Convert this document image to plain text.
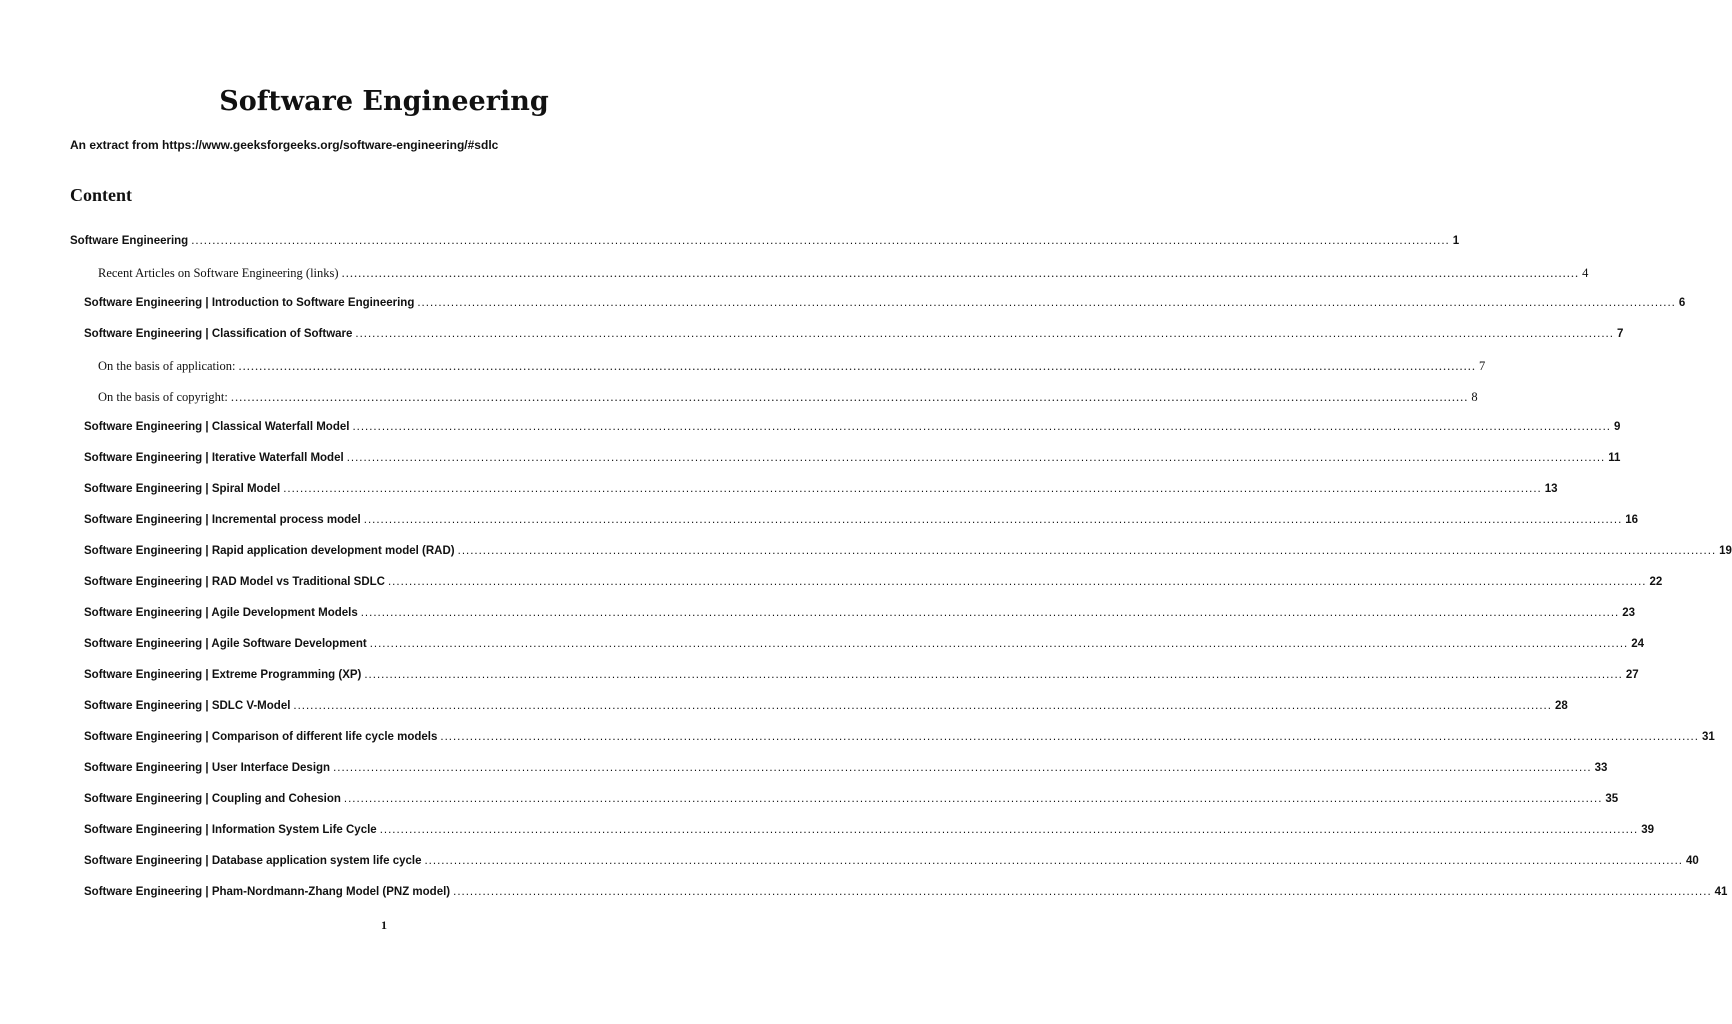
Software Engineering
An extract from https://www.geeksforgeeks.org/software-engineering/#sdlc
Content
Software Engineering ............................................................................................................................................................................................................................................................................................................ 1
Recent Articles on Software Engineering (links) ............................................................................................................................................................................................................................................................................................................ 4
Software Engineering | Introduction to Software Engineering ............................................................................................................................................................................................................................................................................................................ 6
Software Engineering | Classification of Software ............................................................................................................................................................................................................................................................................................................ 7
On the basis of application: ............................................................................................................................................................................................................................................................................................................ 7
On the basis of copyright: ............................................................................................................................................................................................................................................................................................................ 8
Software Engineering | Classical Waterfall Model ............................................................................................................................................................................................................................................................................................................ 9
Software Engineering | Iterative Waterfall Model ............................................................................................................................................................................................................................................................................................................ 11
Software Engineering | Spiral Model ............................................................................................................................................................................................................................................................................................................ 13
Software Engineering | Incremental process model ............................................................................................................................................................................................................................................................................................................ 16
Software Engineering | Rapid application development model (RAD) ............................................................................................................................................................................................................................................................................................................ 19
Software Engineering | RAD Model vs Traditional SDLC ............................................................................................................................................................................................................................................................................................................ 22
Software Engineering | Agile Development Models ............................................................................................................................................................................................................................................................................................................ 23
Software Engineering | Agile Software Development ............................................................................................................................................................................................................................................................................................................ 24
Software Engineering | Extreme Programming (XP) ............................................................................................................................................................................................................................................................................................................ 27
Software Engineering | SDLC V-Model ............................................................................................................................................................................................................................................................................................................ 28
Software Engineering | Comparison of different life cycle models ............................................................................................................................................................................................................................................................................................................ 31
Software Engineering | User Interface Design ............................................................................................................................................................................................................................................................................................................ 33
Software Engineering | Coupling and Cohesion ............................................................................................................................................................................................................................................................................................................ 35
Software Engineering | Information System Life Cycle ............................................................................................................................................................................................................................................................................................................ 39
Software Engineering | Database application system life cycle ............................................................................................................................................................................................................................................................................................................ 40
Software Engineering | Pham-Nordmann-Zhang Model (PNZ model) ............................................................................................................................................................................................................................................................................................................ 41
1
